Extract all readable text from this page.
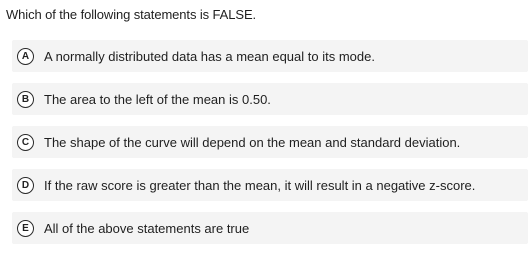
Which of the following statements is FALSE.
A	A normally distributed data has a mean equal to its mode.
B	The area to the left of the mean is 0.50.
C	The shape of the curve will depend on the mean and standard deviation.
D	If the raw score is greater than the mean, it will result in a negative z-score.
E	All of the above statements are true
